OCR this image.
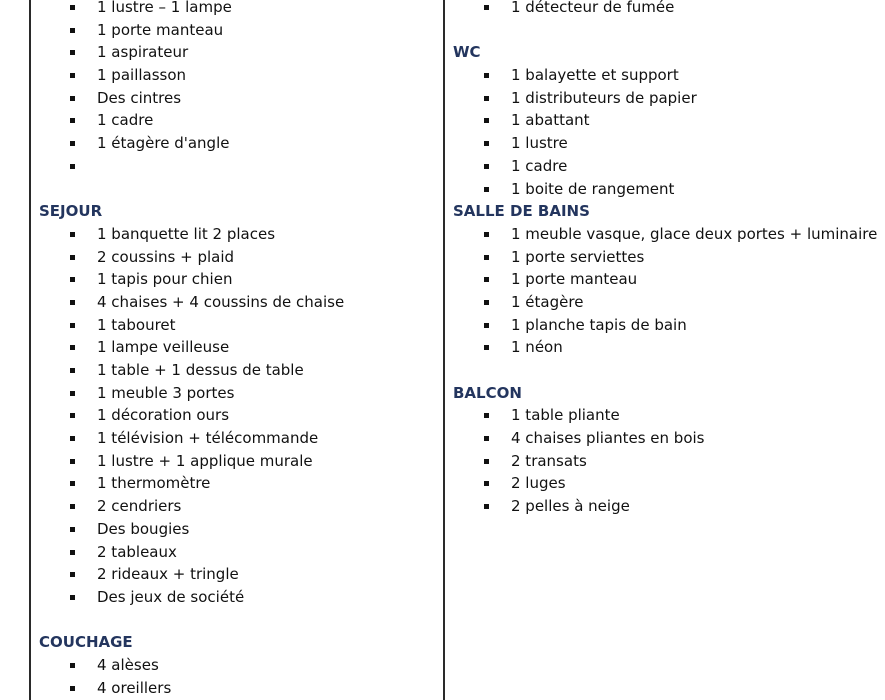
1 lustre – 1 lampe
1 porte manteau
1 aspirateur
1 paillasson
Des cintres
1 cadre
1 étagère d'angle
SEJOUR
1 banquette lit 2 places
2 coussins + plaid
1 tapis pour chien
4 chaises + 4 coussins de chaise
1 tabouret
1 lampe veilleuse
1 table + 1 dessus de table
1 meuble 3 portes
1 décoration ours
1 télévision + télécommande
1 lustre + 1 applique murale
1 thermomètre
2 cendriers
Des bougies
2 tableaux
2 rideaux + tringle
Des jeux de société
COUCHAGE
4 alèses
4 oreillers
1 détecteur de fumée
WC
1 balayette et support
1 distributeurs de papier
1 abattant
1 lustre
1 cadre
1 boite de rangement
SALLE DE BAINS
1 meuble vasque, glace deux portes + luminaire
1 porte serviettes
1 porte manteau
1 étagère
1 planche tapis de bain
1 néon
BALCON
1 table pliante
4 chaises pliantes en bois
2 transats
2 luges
2 pelles à neige
